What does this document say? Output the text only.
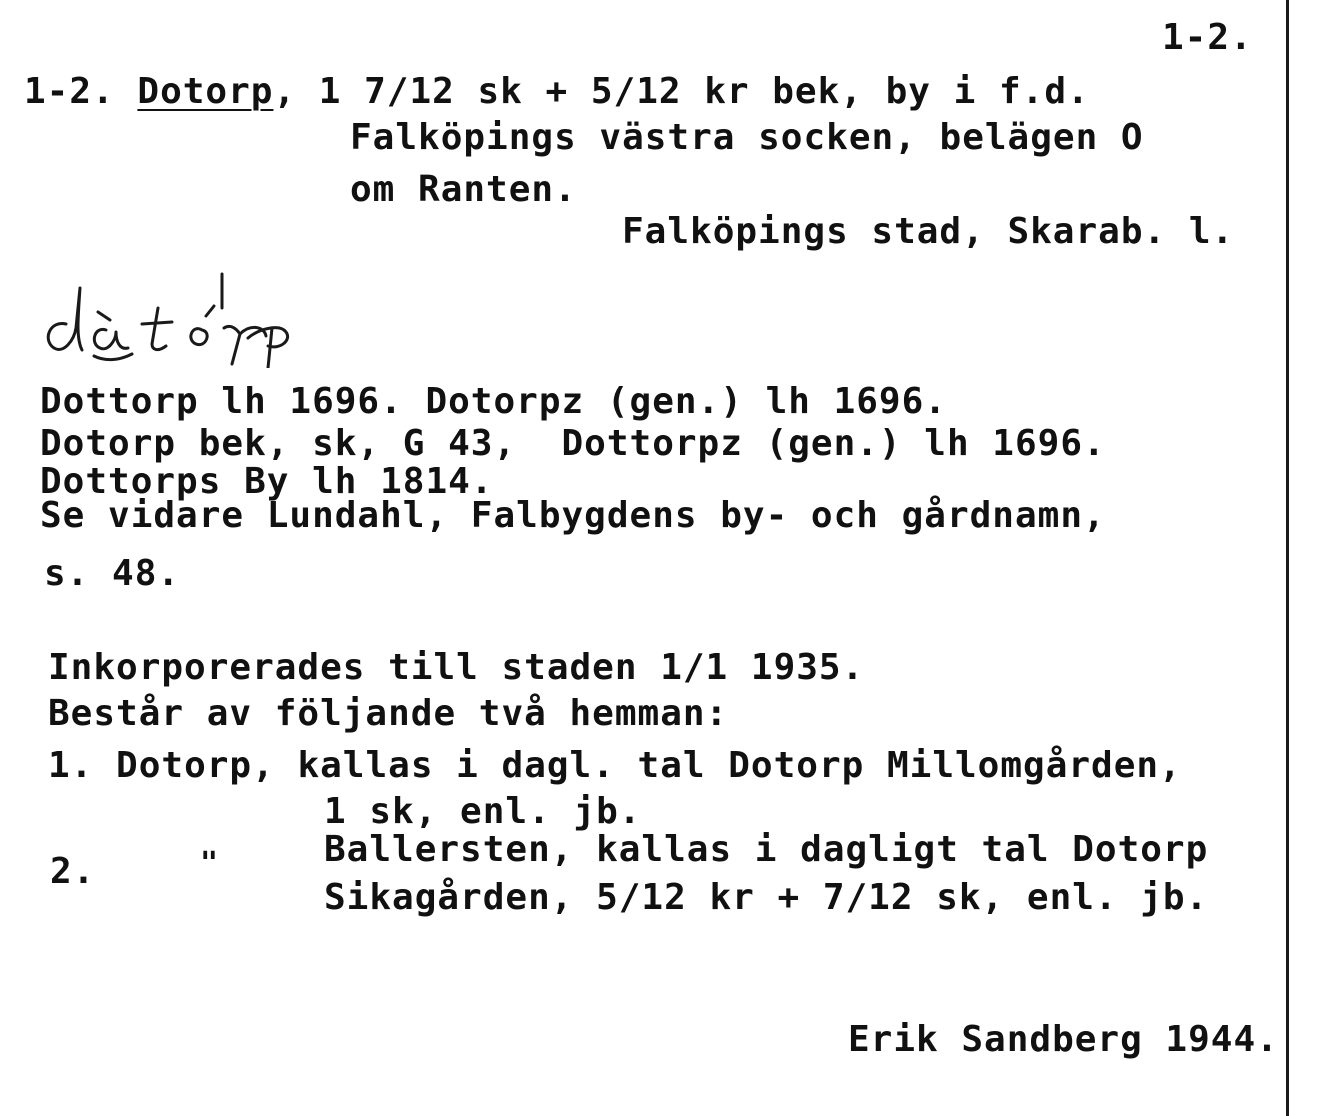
1-2.
1-2. Dotorp, 1 7/12 sk + 5/12 kr bek, by i f.d.
Falköpings västra socken, belägen O
om Ranten.
Falköpings stad, Skarab. l.
Dottorp lh 1696. Dotorpz (gen.) lh 1696.
Dotorp bek, sk, G 43,  Dottorpz (gen.) lh 1696.
Dottorps By lh 1814.
Se vidare Lundahl, Falbygdens by- och gårdnamn,
s. 48.
Inkorporerades till staden 1/1 1935.
Består av följande två hemman:
1. Dotorp, kallas i dagl. tal Dotorp Millomgården,
1 sk, enl. jb.
2.	"	Ballersten, kallas i dagligt tal Dotorp
Sikagården, 5/12 kr + 7/12 sk, enl. jb.
Erik Sandberg 1944.
